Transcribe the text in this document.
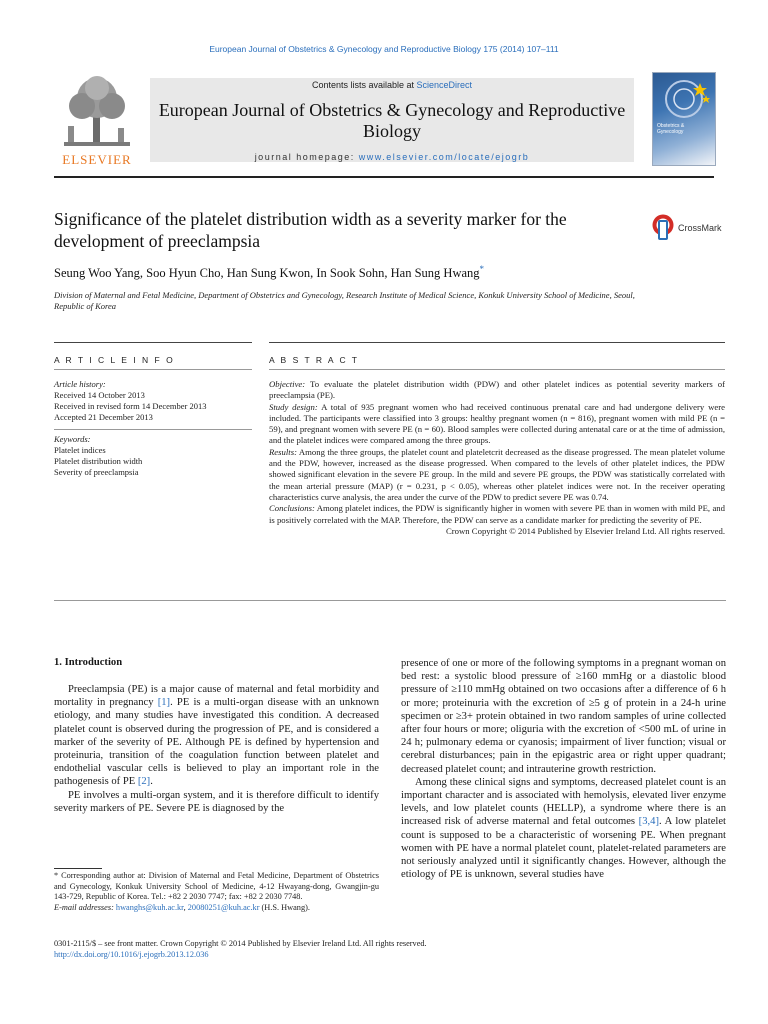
European Journal of Obstetrics & Gynecology and Reproductive Biology 175 (2014) 107–111
ELSEVIER
Contents lists available at ScienceDirect
European Journal of Obstetrics & Gynecology and Reproductive Biology
journal homepage: www.elsevier.com/locate/ejogrb
Obstetrics & Gynecology
Significance of the platelet distribution width as a severity marker for the development of preeclampsia
CrossMark
Seung Woo Yang, Soo Hyun Cho, Han Sung Kwon, In Sook Sohn, Han Sung Hwang*
Division of Maternal and Fetal Medicine, Department of Obstetrics and Gynecology, Research Institute of Medical Science, Konkuk University School of Medicine, Seoul, Republic of Korea
A R T I C L E I N F O	A B S T R A C T
Article history:
Received 14 October 2013
Received in revised form 14 December 2013
Accepted 21 December 2013
Keywords:
Platelet indices
Platelet distribution width
Severity of preeclampsia

Objective: To evaluate the platelet distribution width (PDW) and other platelet indices as potential severity markers of preeclampsia (PE).

Study design: A total of 935 pregnant women who had received continuous prenatal care and had undergone delivery were included. The participants were classified into 3 groups: healthy pregnant women (n = 816), pregnant women with mild PE (n = 59), and pregnant women with severe PE (n = 60). Blood samples were collected during antenatal care or at the time of admission, and the platelet indices were compared among the three groups.

Results: Among the three groups, the platelet count and plateletcrit decreased as the disease progressed. The mean platelet volume and the PDW, however, increased as the disease progressed. When compared to the levels of other platelet indices, the PDW showed significant elevation in the severe PE group. In the mild and severe PE groups, the PDW was statistically correlated with the mean arterial pressure (MAP) (r = 0.231, p < 0.05), whereas other platelet indices were not. In the receiver operating characteristics curve analysis, the area under the curve of the PDW to predict severe PE was 0.74.

Conclusions: Among platelet indices, the PDW is significantly higher in women with severe PE than in women with mild PE, and is positively correlated with the MAP. Therefore, the PDW can serve as a candidate marker for predicting the severity of PE.

Crown Copyright © 2014 Published by Elsevier Ireland Ltd. All rights reserved.

1. Introduction

Preeclampsia (PE) is a major cause of maternal and fetal morbidity and mortality in pregnancy [1]. PE is a multi-organ disease with an unknown etiology, and many studies have investigated this condition. A decreased platelet count is observed during the progression of PE, and is considered a marker of the severity of PE. Although PE is defined by hypertension and proteinuria, transition of the coagulation function between platelet and endothelial vascular cells is believed to play an important role in the pathogenesis of PE [2].

PE involves a multi-organ system, and it is therefore difficult to identify severity markers of PE. Severe PE is diagnosed by the

presence of one or more of the following symptoms in a pregnant woman on bed rest: a systolic blood pressure of ≥160 mmHg or a diastolic blood pressure of ≥110 mmHg obtained on two occasions after a difference of 6 h or more; proteinuria with the excretion of ≥5 g of protein in a 24-h urine specimen or ≥3+ protein obtained in two random samples of urine collected after four hours or more; oliguria with the excretion of <500 mL of urine in 24 h; pulmonary edema or cyanosis; impairment of liver function; visual or cerebral disturbances; pain in the epigastric area or right upper quadrant; decreased platelet count; and intrauterine growth restriction.

Among these clinical signs and symptoms, decreased platelet count is an important character and is associated with hemolysis, elevated liver enzyme levels, and low platelet counts (HELLP), a syndrome where there is an increased risk of adverse maternal and fetal outcomes [3,4]. A low platelet count is supposed to be a characteristic of worsening PE. When pregnant women with PE have a normal platelet count, platelet-related parameters are not seriously analyzed until it significantly changes. However, although the etiology of PE is unknown, several studies have

* Corresponding author at: Division of Maternal and Fetal Medicine, Department of Obstetrics and Gynecology, Konkuk University School of Medicine, 4-12 Hwayang-dong, Gwangjin-gu 143-729, Republic of Korea. Tel.: +82 2 2030 7747; fax: +82 2 2030 7748.
E-mail addresses: hwanghs@kuh.ac.kr, 20080251@kuh.ac.kr (H.S. Hwang).
0301-2115/$ – see front matter. Crown Copyright © 2014 Published by Elsevier Ireland Ltd. All rights reserved.
http://dx.doi.org/10.1016/j.ejogrb.2013.12.036
